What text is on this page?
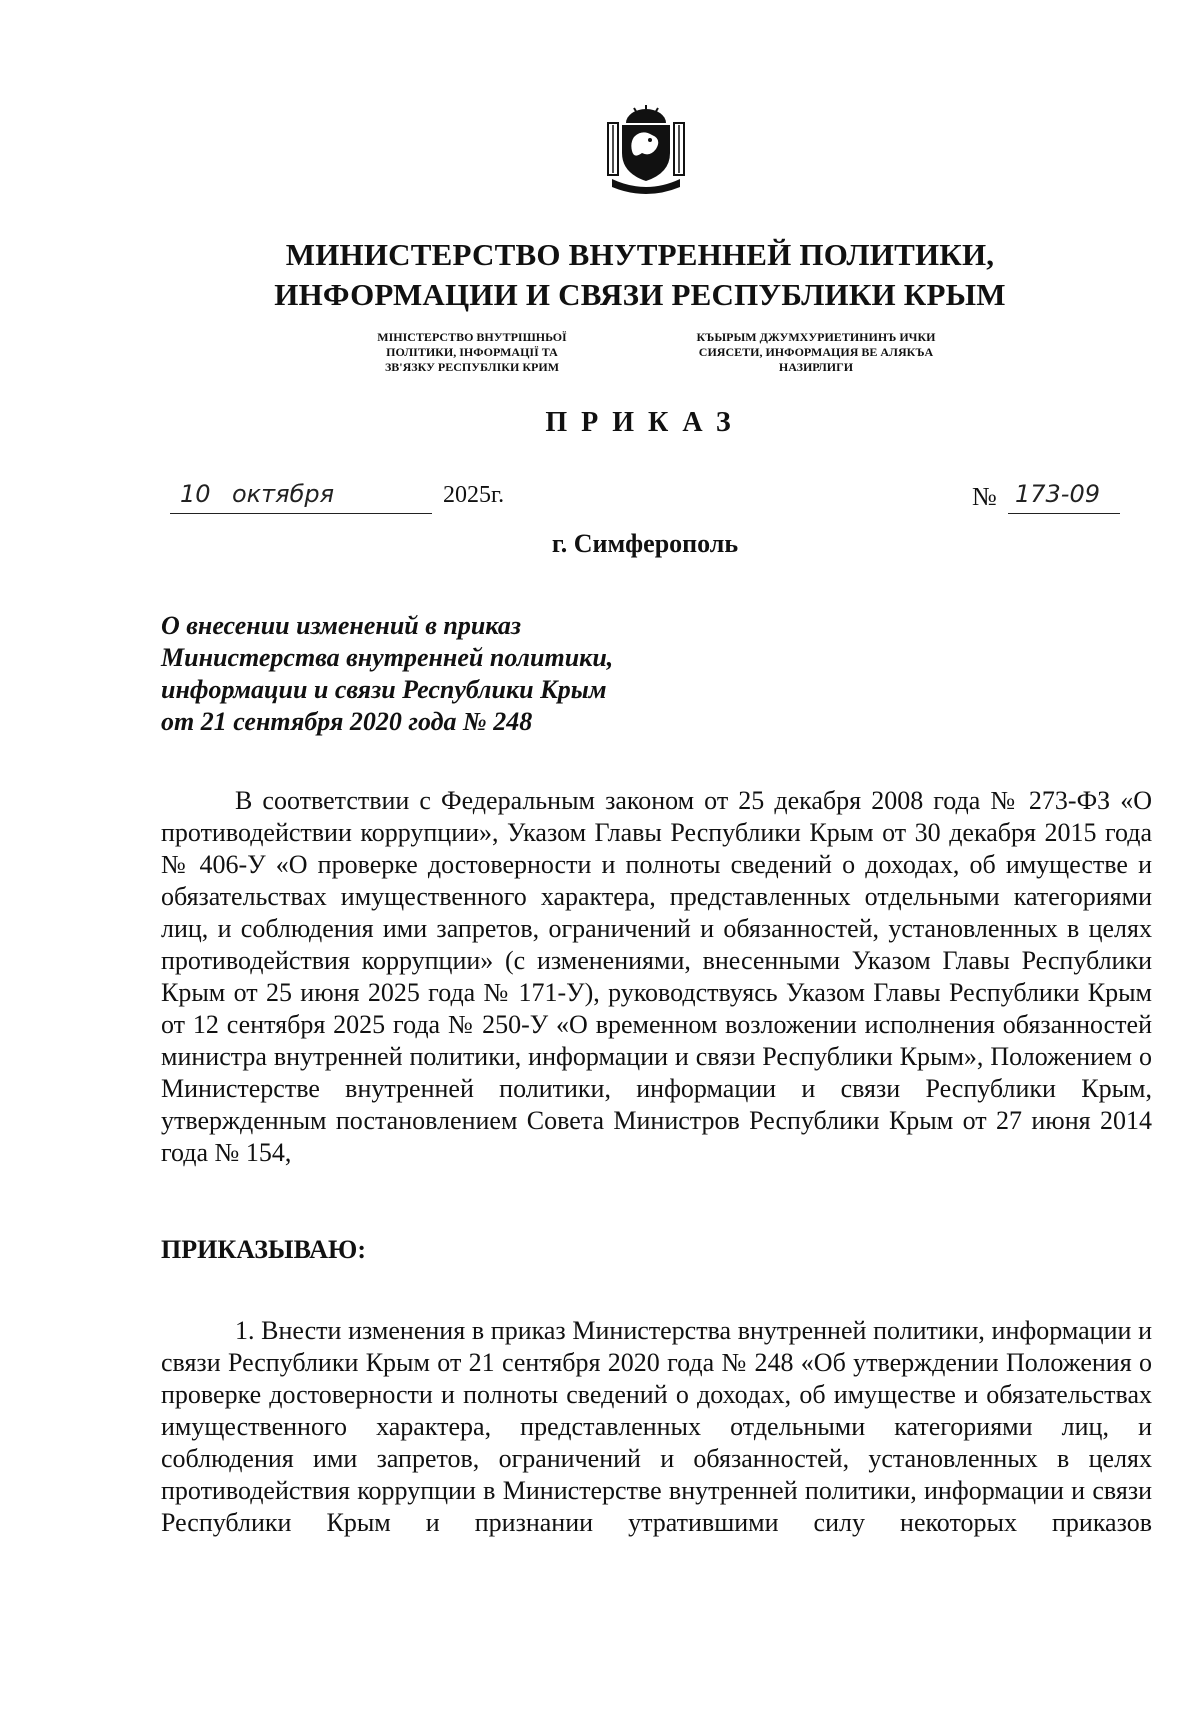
МИНИСТЕРСТВО ВНУТРЕННЕЙ ПОЛИТИКИ,
ИНФОРМАЦИИ И СВЯЗИ РЕСПУБЛИКИ КРЫМ
МІНІСТЕРСТВО ВНУТРІШНЬОЇ
ПОЛІТИКИ, ІНФОРМАЦІЇ ТА
ЗВ'ЯЗКУ РЕСПУБЛІКИ КРИМ
КЪЫРЫМ ДЖУМХУРИЕТИНИНЪ ИЧКИ
СИЯСЕТИ, ИНФОРМАЦИЯ ВЕ АЛЯКЪА
НАЗИРЛИГИ
ПРИКАЗ
10 октября	2025г.	№ 173-09
г. Симферополь
О внесении изменений в приказ
Министерства внутренней политики,
информации и связи Республики Крым
от 21 сентября 2020 года № 248
В соответствии с Федеральным законом от 25 декабря 2008 года № 273-ФЗ «О противодействии коррупции», Указом Главы Республики Крым от 30 декабря 2015 года № 406-У «О проверке достоверности и полноты сведений о доходах, об имуществе и обязательствах имущественного характера, представленных отдельными категориями лиц, и соблюдения ими запретов, ограничений и обязанностей, установленных в целях противодействия коррупции» (с изменениями, внесенными Указом Главы Республики Крым от 25 июня 2025 года № 171-У), руководствуясь Указом Главы Республики Крым от 12 сентября 2025 года № 250-У «О временном возложении исполнения обязанностей министра внутренней политики, информации и связи Республики Крым», Положением о Министерстве внутренней политики, информации и связи Республики Крым, утвержденным постановлением Совета Министров Республики Крым от 27 июня 2014 года № 154,
ПРИКАЗЫВАЮ:
1. Внести изменения в приказ Министерства внутренней политики, информации и связи Республики Крым от 21 сентября 2020 года № 248 «Об утверждении Положения о проверке достоверности и полноты сведений о доходах, об имуществе и обязательствах имущественного характера, представленных отдельными категориями лиц, и соблюдения ими запретов, ограничений и обязанностей, установленных в целях противодействия коррупции в Министерстве внутренней политики, информации и связи Республики Крым и признании утратившими силу некоторых приказов
